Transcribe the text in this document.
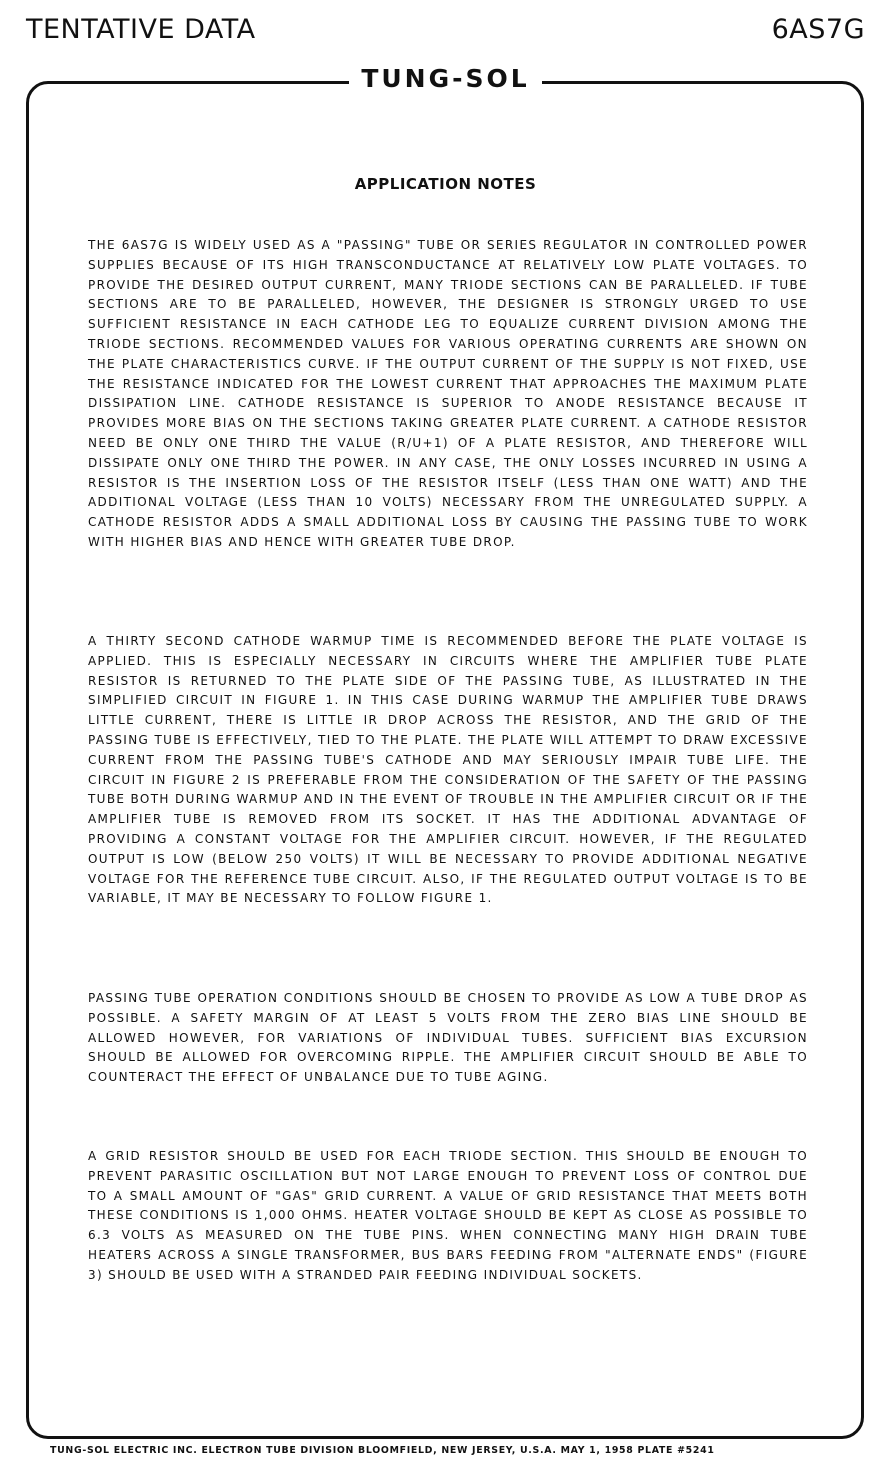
TENTATIVE DATA	6AS7G
TUNG-SOL
APPLICATION NOTES
THE 6AS7G IS WIDELY USED AS A "PASSING" TUBE OR SERIES REGULATOR IN CONTROLLED POWER SUPPLIES BECAUSE OF ITS HIGH TRANSCONDUCTANCE AT RELATIVELY LOW PLATE VOLTAGES. TO PROVIDE THE DESIRED OUTPUT CURRENT, MANY TRIODE SECTIONS CAN BE PARALLELED. IF TUBE SECTIONS ARE TO BE PARALLELED, HOWEVER, THE DESIGNER IS STRONGLY URGED TO USE SUFFICIENT RESISTANCE IN EACH CATHODE LEG TO EQUALIZE CURRENT DIVISION AMONG THE TRIODE SECTIONS. RECOMMENDED VALUES FOR VARIOUS OPERATING CURRENTS ARE SHOWN ON THE PLATE CHARACTERISTICS CURVE. IF THE OUTPUT CURRENT OF THE SUPPLY IS NOT FIXED, USE THE RESISTANCE INDICATED FOR THE LOWEST CURRENT THAT APPROACHES THE MAXIMUM PLATE DISSIPATION LINE. CATHODE RESISTANCE IS SUPERIOR TO ANODE RESISTANCE BECAUSE IT PROVIDES MORE BIAS ON THE SECTIONS TAKING GREATER PLATE CURRENT. A CATHODE RESISTOR NEED BE ONLY ONE THIRD THE VALUE (R/U+1) OF A PLATE RESISTOR, AND THEREFORE WILL DISSIPATE ONLY ONE THIRD THE POWER. IN ANY CASE, THE ONLY LOSSES INCURRED IN USING A RESISTOR IS THE INSERTION LOSS OF THE RESISTOR ITSELF (LESS THAN ONE WATT) AND THE ADDITIONAL VOLTAGE (LESS THAN 10 VOLTS) NECESSARY FROM THE UNREGULATED SUPPLY. A CATHODE RESISTOR ADDS A SMALL ADDITIONAL LOSS BY CAUSING THE PASSING TUBE TO WORK WITH HIGHER BIAS AND HENCE WITH GREATER TUBE DROP.
A THIRTY SECOND CATHODE WARMUP TIME IS RECOMMENDED BEFORE THE PLATE VOLTAGE IS APPLIED. THIS IS ESPECIALLY NECESSARY IN CIRCUITS WHERE THE AMPLIFIER TUBE PLATE RESISTOR IS RETURNED TO THE PLATE SIDE OF THE PASSING TUBE, AS ILLUSTRATED IN THE SIMPLIFIED CIRCUIT IN FIGURE 1. IN THIS CASE DURING WARMUP THE AMPLIFIER TUBE DRAWS LITTLE CURRENT, THERE IS LITTLE IR DROP ACROSS THE RESISTOR, AND THE GRID OF THE PASSING TUBE IS EFFECTIVELY, TIED TO THE PLATE. THE PLATE WILL ATTEMPT TO DRAW EXCESSIVE CURRENT FROM THE PASSING TUBE'S CATHODE AND MAY SERIOUSLY IMPAIR TUBE LIFE. THE CIRCUIT IN FIGURE 2 IS PREFERABLE FROM THE CONSIDERATION OF THE SAFETY OF THE PASSING TUBE BOTH DURING WARMUP AND IN THE EVENT OF TROUBLE IN THE AMPLIFIER CIRCUIT OR IF THE AMPLIFIER TUBE IS REMOVED FROM ITS SOCKET. IT HAS THE ADDITIONAL ADVANTAGE OF PROVIDING A CONSTANT VOLTAGE FOR THE AMPLIFIER CIRCUIT. HOWEVER, IF THE REGULATED OUTPUT IS LOW (BELOW 250 VOLTS) IT WILL BE NECESSARY TO PROVIDE ADDITIONAL NEGATIVE VOLTAGE FOR THE REFERENCE TUBE CIRCUIT. ALSO, IF THE REGULATED OUTPUT VOLTAGE IS TO BE VARIABLE, IT MAY BE NECESSARY TO FOLLOW FIGURE 1.
PASSING TUBE OPERATION CONDITIONS SHOULD BE CHOSEN TO PROVIDE AS LOW A TUBE DROP AS POSSIBLE. A SAFETY MARGIN OF AT LEAST 5 VOLTS FROM THE ZERO BIAS LINE SHOULD BE ALLOWED HOWEVER, FOR VARIATIONS OF INDIVIDUAL TUBES. SUFFICIENT BIAS EXCURSION SHOULD BE ALLOWED FOR OVERCOMING RIPPLE. THE AMPLIFIER CIRCUIT SHOULD BE ABLE TO COUNTERACT THE EFFECT OF UNBALANCE DUE TO TUBE AGING.
A GRID RESISTOR SHOULD BE USED FOR EACH TRIODE SECTION. THIS SHOULD BE ENOUGH TO PREVENT PARASITIC OSCILLATION BUT NOT LARGE ENOUGH TO PREVENT LOSS OF CONTROL DUE TO A SMALL AMOUNT OF "GAS" GRID CURRENT. A VALUE OF GRID RESISTANCE THAT MEETS BOTH THESE CONDITIONS IS 1,000 OHMS. HEATER VOLTAGE SHOULD BE KEPT AS CLOSE AS POSSIBLE TO 6.3 VOLTS AS MEASURED ON THE TUBE PINS. WHEN CONNECTING MANY HIGH DRAIN TUBE HEATERS ACROSS A SINGLE TRANSFORMER, BUS BARS FEEDING FROM "ALTERNATE ENDS" (FIGURE 3) SHOULD BE USED WITH A STRANDED PAIR FEEDING INDIVIDUAL SOCKETS.
TUNG-SOL ELECTRIC INC. ELECTRON TUBE DIVISION BLOOMFIELD, NEW JERSEY, U.S.A. MAY 1, 1958 PLATE #5241
